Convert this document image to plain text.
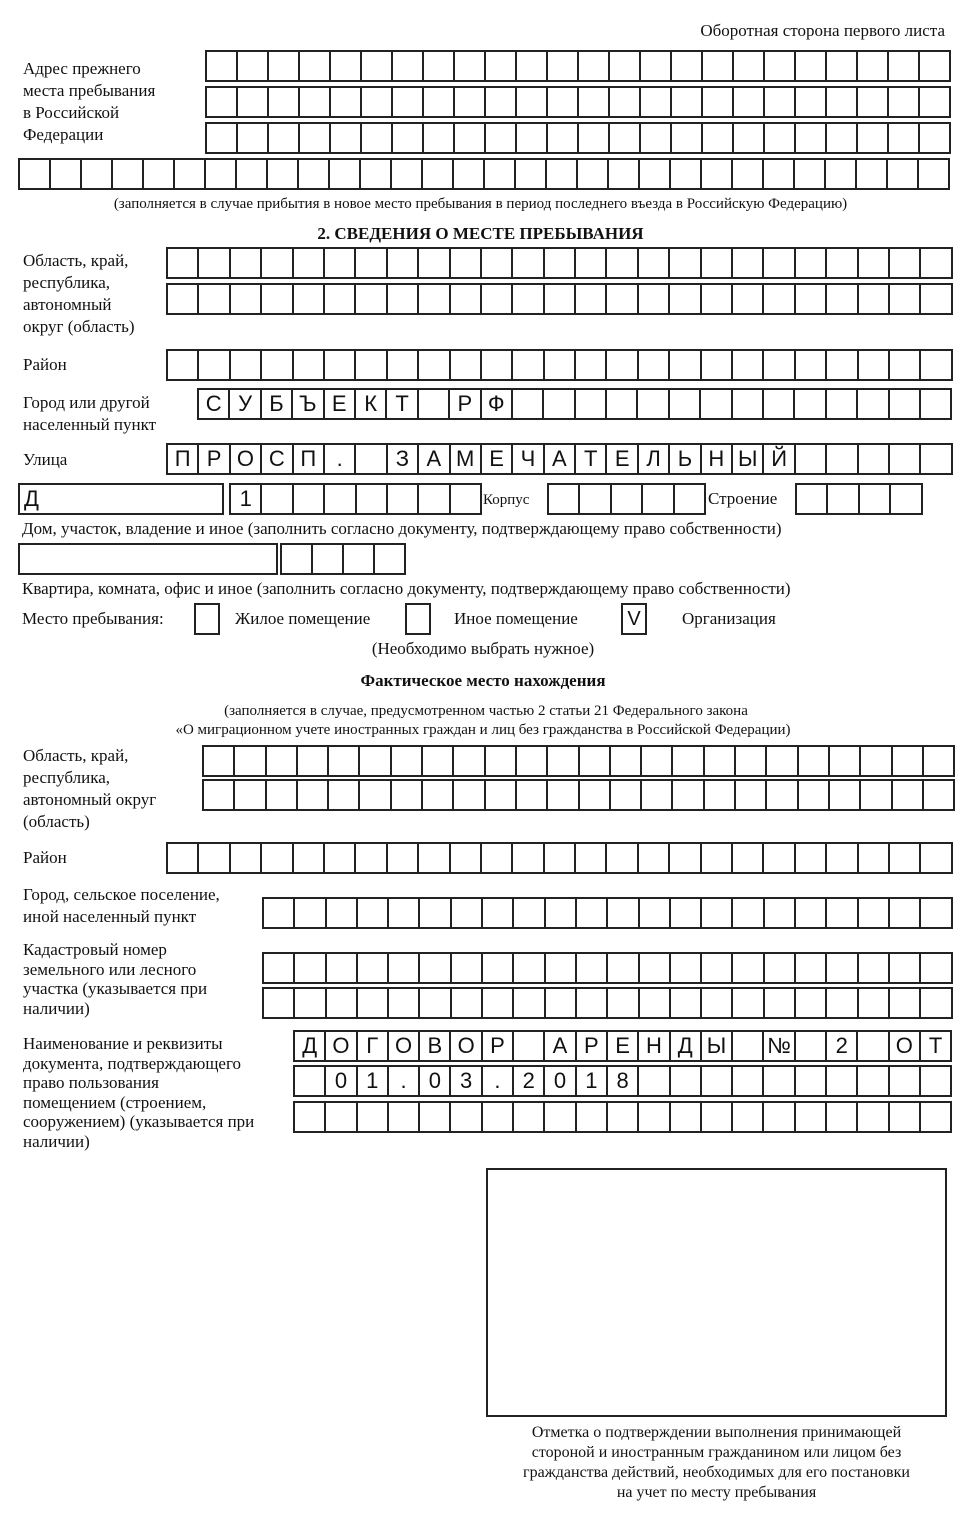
Оборотная сторона первого листа
Адрес прежнего
места пребывания
в Российской
Федерации
(заполняется в случае прибытия в новое место пребывания в период последнего въезда в Российскую Федерацию)
2. СВЕДЕНИЯ О МЕСТЕ ПРЕБЫВАНИЯ
Область, край,
республика,
автономный
округ (область)
Район
Город или другой
населенный пункт
С У Б Ъ Е К Т	Р Ф
Улица	П Р О С П .	З А М Е Ч А Т Е Л Ь Н Ы Й
Д	1	Корпус	Строение
Дом, участок, владение и иное (заполнить согласно документу, подтверждающему право собственности)
Квартира, комната, офис и иное (заполнить согласно документу, подтверждающему право собственности)
Место пребывания:	Жилое помещение	Иное помещение	V	Организация
(Необходимо выбрать нужное)
Фактическое место нахождения
(заполняется в случае, предусмотренном частью 2 статьи 21 Федерального закона
«О миграционном учете иностранных граждан и лиц без гражданства в Российской Федерации)
Область, край,
республика,
автономный округ
(область)
Район
Город, сельское поселение,
иной населенный пункт
Кадастровый номер
земельного или лесного
участка (указывается при
наличии)
Наименование и реквизиты
документа, подтверждающего
право пользования
помещением (строением,
сооружением) (указывается при
наличии)
Д О Г О В О Р	А Р Е Н Д Ы	№	2	О Т
0 1	.	0 3	.	2 0 1 8
Отметка о подтверждении выполнения принимающей
стороной и иностранным гражданином или лицом без
гражданства действий, необходимых для его постановки
на учет по месту пребывания
